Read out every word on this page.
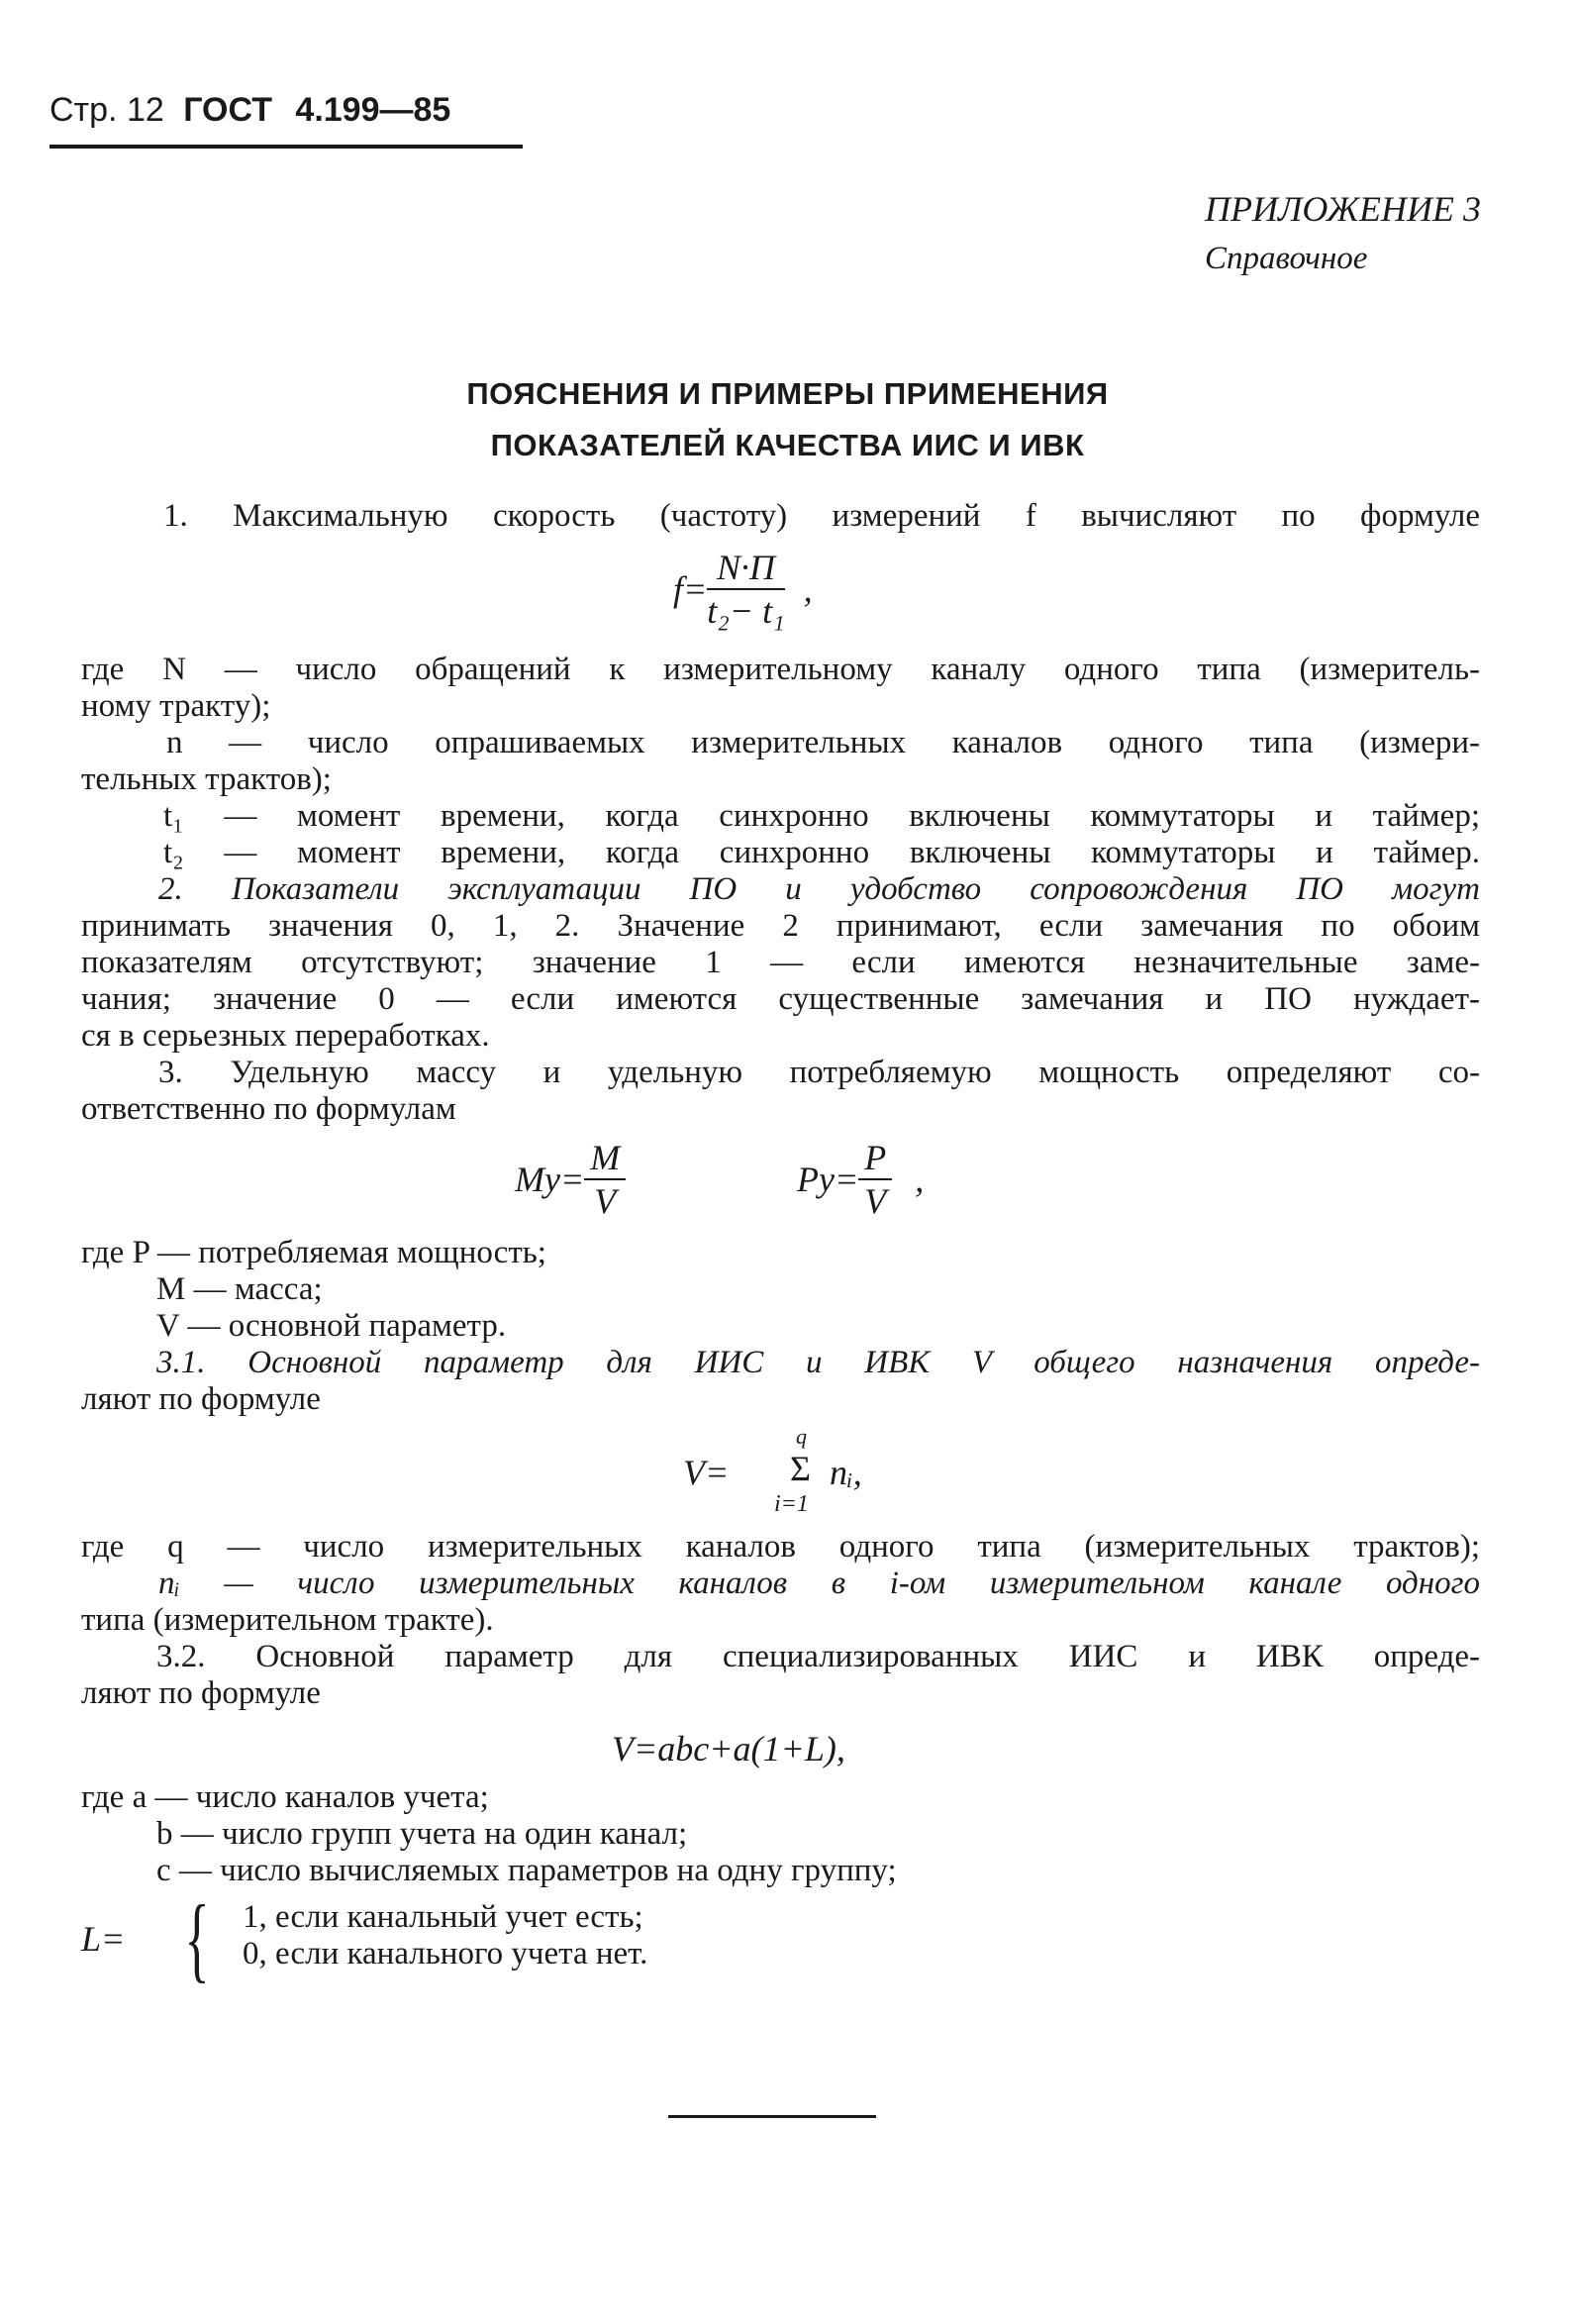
Стр. 12 ГОСТ 4.199—85
ПРИЛОЖЕНИЕ 3
Справочное
ПОЯСНЕНИЯ И ПРИМЕРЫ ПРИМЕНЕНИЯ
ПОКАЗАТЕЛЕЙ КАЧЕСТВА ИИС И ИВК
1. Максимальную скорость (частоту) измерений f вычисляют по формуле
$f= \frac{N\cdot П}{\text{t₂− t₁}}$ ,
где N — число обращений к измерительному каналу одного типа (измеритель-
ному тракту);
n — число опрашиваемых измерительных каналов одного типа (измери-
тельных трактов);
t₁ — момент времени, когда синхронно включены коммутаторы и таймер;
t₂ — момент времени, когда синхронно включены коммутаторы и таймер.
2. Показатели эксплуатации ПО и удобство сопровождения ПО могут
принимать значения 0, 1, 2. Значение 2 принимают, если замечания по обоим
показателям отсутствуют; значение 1 — если имеются незначительные заме-
чания; значение 0 — если имеются существенные замечания и ПО нуждает-
ся в серьезных переработках.
3. Удельную массу и удельную потребляемую мощность определяют со-
ответственно по формулам
$Mу= \frac{M}{V}$	$Pу= \frac{P}{V}$ ,
где P — потребляемая мощность;
M — масса;
V — основной параметр.
3.1. Основной параметр для ИИС и ИВК V общего назначения опреде-
ляют по формуле
q
V= Σ nᵢ,
i=1
где q — число измерительных каналов одного типа (измерительных трактов);
nᵢ — число измерительных каналов в i-ом измерительном канале одного
типа (измерительном тракте).
3.2. Основной параметр для специализированных ИИС и ИВК опреде-
ляют по формуле
V=abc+a(1+L),
где a — число каналов учета;
b — число групп учета на один канал;
c — число вычисляемых параметров на одну группу;
L= {	1, если канальный учет есть;
0, если канального учета нет.
